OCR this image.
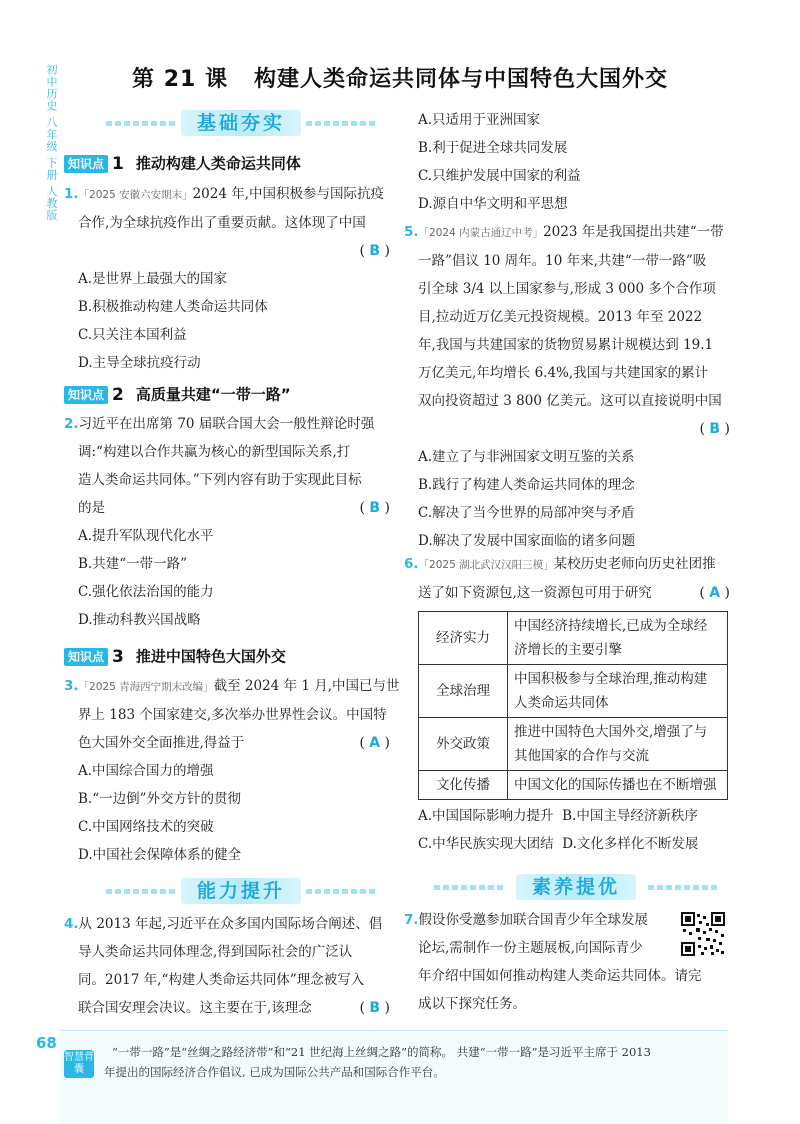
初中历史 八年级 下册 人教版	第 21 课 构建人类命运共同体与中国特色大国外交
基础夯实
知识点 1 推动构建人类命运共同体
1.「2025 安徽六安期末」2024 年,中国积极参与国际抗疫
合作,为全球抗疫作出了重要贡献。这体现了中国
( B )
A.是世界上最强大的国家
B.积极推动构建人类命运共同体
C.只关注本国利益
D.主导全球抗疫行动
知识点 2 高质量共建“一带一路”
2.习近平在出席第 70 届联合国大会一般性辩论时强
调:“构建以合作共赢为核心的新型国际关系,打
造人类命运共同体。”下列内容有助于实现此目标
的是	( B )
A.提升军队现代化水平
B.共建“一带一路”
C.强化依法治国的能力
D.推动科教兴国战略
知识点 3 推进中国特色大国外交
3.「2025 青海西宁期末改编」截至 2024 年 1 月,中国已与世
界上 183 个国家建交,多次举办世界性会议。中国特
色大国外交全面推进,得益于	( A )
A.中国综合国力的增强
B.“一边倒”外交方针的贯彻
C.中国网络技术的突破
D.中国社会保障体系的健全
能力提升
4.从 2013 年起,习近平在众多国内国际场合阐述、倡
导人类命运共同体理念,得到国际社会的广泛认
同。2017 年,“构建人类命运共同体”理念被写入
联合国安理会决议。这主要在于,该理念	( B )
A.只适用于亚洲国家
B.利于促进全球共同发展
C.只维护发展中国家的利益
D.源自中华文明和平思想
5.「2024 内蒙古通辽中考」2023 年是我国提出共建“一带
一路”倡议 10 周年。10 年来,共建“一带一路”吸
引全球 3/4 以上国家参与,形成 3 000 多个合作项
目,拉动近万亿美元投资规模。2013 年至 2022
年,我国与共建国家的货物贸易累计规模达到 19.1
万亿美元,年均增长 6.4%,我国与共建国家的累计
双向投资超过 3 800 亿美元。这可以直接说明中国
( B )
A.建立了与非洲国家文明互鉴的关系
B.践行了构建人类命运共同体的理念
C.解决了当今世界的局部冲突与矛盾
D.解决了发展中国家面临的诸多问题
6.「2025 湖北武汉汉阳三模」某校历史老师向历史社团推
送了如下资源包,这一资源包可用于研究	( A )
经济实力	中国经济持续增长,已成为全球经
济增长的主要引擎
全球治理	中国积极参与全球治理,推动构建
人类命运共同体
外交政策	推进中国特色大国外交,增强了与
其他国家的合作与交流
文化传播	中国文化的国际传播也在不断增强
A.中国国际影响力提升 B.中国主导经济新秩序
C.中华民族实现大团结 D.文化多样化不断发展
素养提优
7.假设你受邀参加联合国青少年全球发展
论坛,需制作一份主题展板,向国际青少
年介绍中国如何推动构建人类命运共同体。请完
成以下探究任务。
“一带一路”是“丝绸之路经济带”和“21 世纪海上丝绸之路”的简称。 共建“一带一路”是习近平主席于 2013
年提出的国际经济合作倡议, 已成为国际公共产品和国际合作平台。
68
智慧背囊
